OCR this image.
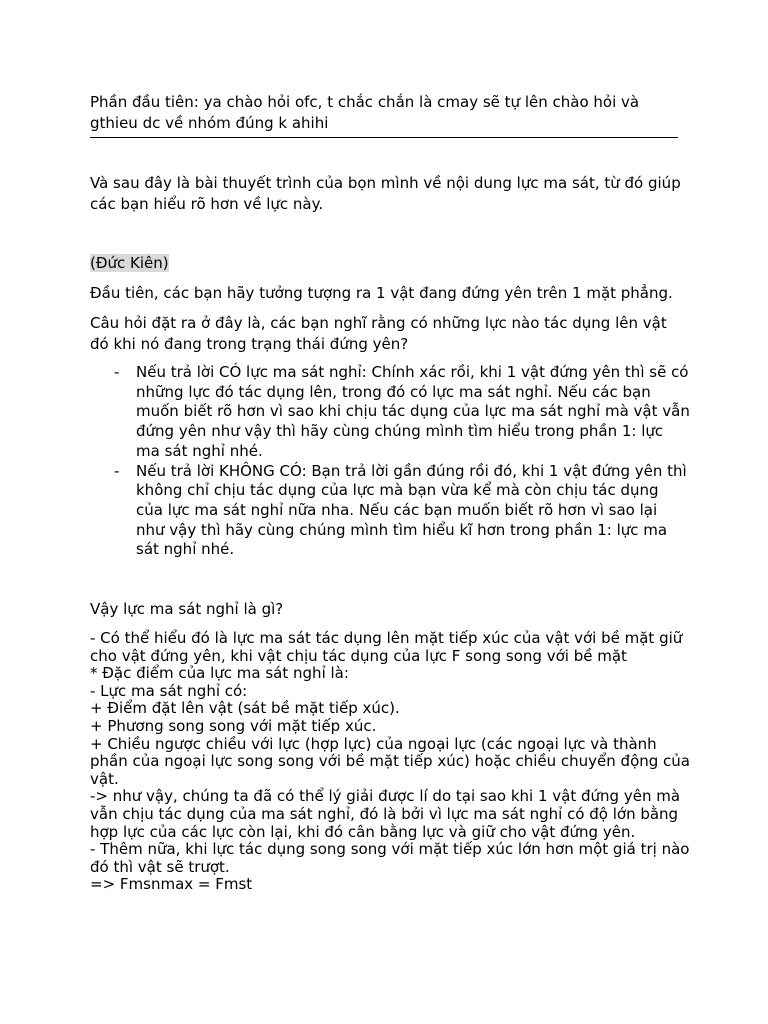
Phần đầu tiên: ya chào hỏi ofc, t chắc chắn là cmay sẽ tự lên chào hỏi và gthieu dc về nhóm đúng k ahihi
Và sau đây là bài thuyết trình của bọn mình về nội dung lực ma sát, từ đó giúp các bạn hiểu rõ hơn về lực này.
(Đức Kiên)
Đầu tiên, các bạn hãy tưởng tượng ra 1 vật đang đứng yên trên 1 mặt phẳng.
Câu hỏi đặt ra ở đây là, các bạn nghĩ rằng có những lực nào tác dụng lên vật đó khi nó đang trong trạng thái đứng yên?
- Nếu trả lời CÓ lực ma sát nghỉ: Chính xác rồi, khi 1 vật đứng yên thì sẽ có những lực đó tác dụng lên, trong đó có lực ma sát nghỉ. Nếu các bạn muốn biết rõ hơn vì sao khi chịu tác dụng của lực ma sát nghỉ mà vật vẫn đứng yên như vậy thì hãy cùng chúng mình tìm hiểu trong phần 1: lực ma sát nghỉ nhé.
- Nếu trả lời KHÔNG CÓ: Bạn trả lời gần đúng rồi đó, khi 1 vật đứng yên thì không chỉ chịu tác dụng của lực mà bạn vừa kể mà còn chịu tác dụng của lực ma sát nghỉ nữa nha. Nếu các bạn muốn biết rõ hơn vì sao lại như vậy thì hãy cùng chúng mình tìm hiểu kĩ hơn trong phần 1: lực ma sát nghỉ nhé.
Vậy lực ma sát nghỉ là gì?
- Có thể hiểu đó là lực ma sát tác dụng lên mặt tiếp xúc của vật với bề mặt giữ cho vật đứng yên, khi vật chịu tác dụng của lực F song song với bề mặt
* Đặc điểm của lực ma sát nghỉ là:
- Lực ma sát nghỉ có:
+ Điểm đặt lên vật (sát bề mặt tiếp xúc).
+ Phương song song với mặt tiếp xúc.
+ Chiều ngược chiều với lực (hợp lực) của ngoại lực (các ngoại lực và thành phần của ngoại lực song song với bề mặt tiếp xúc) hoặc chiều chuyển động của vật.
-> như vậy, chúng ta đã có thể lý giải được lí do tại sao khi 1 vật đứng yên mà vẫn chịu tác dụng của ma sát nghỉ, đó là bởi vì lực ma sát nghỉ có độ lớn bằng hợp lực của các lực còn lại, khi đó cân bằng lực và giữ cho vật đứng yên.
- Thêm nữa, khi lực tác dụng song song với mặt tiếp xúc lớn hơn một giá trị nào đó thì vật sẽ trượt.
=> Fmsnmax = Fmst
